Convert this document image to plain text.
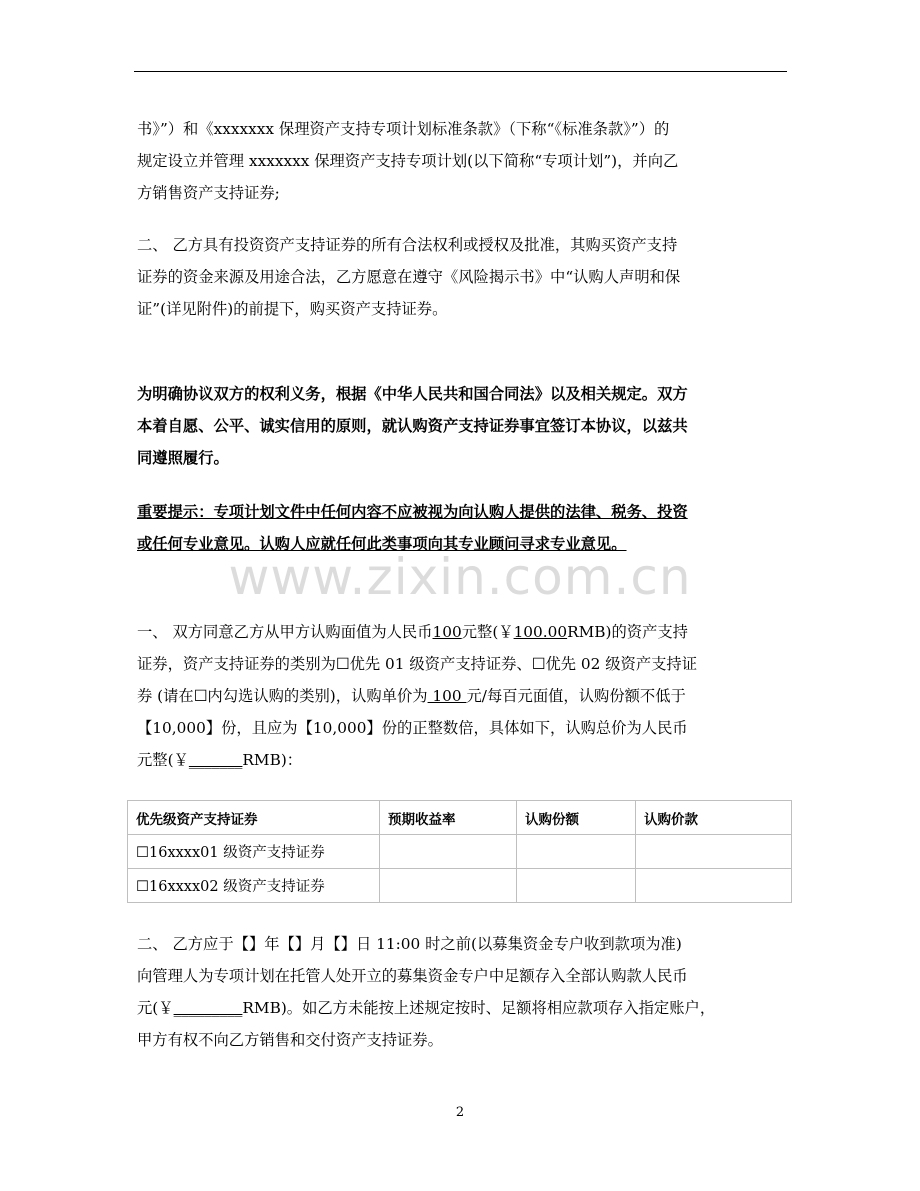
书》”）和《xxxxxxx 保理资产支持专项计划标准条款》（下称“《标准条款》”）的
规定设立并管理 xxxxxxx 保理资产支持专项计划(以下简称“专项计划”)，并向乙
方销售资产支持证券;
二、 乙方具有投资资产支持证券的所有合法权利或授权及批准，其购买资产支持
证券的资金来源及用途合法，乙方愿意在遵守《风险揭示书》中“认购人声明和保
证”(详见附件)的前提下，购买资产支持证券。
为明确协议双方的权利义务，根据《中华人民共和国合同法》以及相关规定。双方
本着自愿、公平、诚实信用的原则，就认购资产支持证券事宜签订本协议，以兹共
同遵照履行。
重要提示：专项计划文件中任何内容不应被视为向认购人提供的法律、税务、投资
或任何专业意见。认购人应就任何此类事项向其专业顾问寻求专业意见。
www.zixin.com.cn
一、 双方同意乙方从甲方认购面值为人民币100元整(￥100.00RMB)的资产支持
证券，资产支持证券的类别为☐优先 01 级资产支持证券、☐优先 02 级资产支持证
券 (请在☐内勾选认购的类别)，认购单价为 100 元/每百元面值，认购份额不低于
【10,000】份，且应为【10,000】份的正整数倍，具体如下，认购总价为人民币
元整(￥_______RMB)：
优先级资产支持证券	预期收益率	认购份额	认购价款
☐16xxxx01 级资产支持证券			
☐16xxxx02 级资产支持证券			
二、 乙方应于【】年【】月【】日 11:00 时之前(以募集资金专户收到款项为准)
向管理人为专项计划在托管人处开立的募集资金专户中足额存入全部认购款人民币
元(￥_________RMB)。如乙方未能按上述规定按时、足额将相应款项存入指定账户，
甲方有权不向乙方销售和交付资产支持证券。
2
